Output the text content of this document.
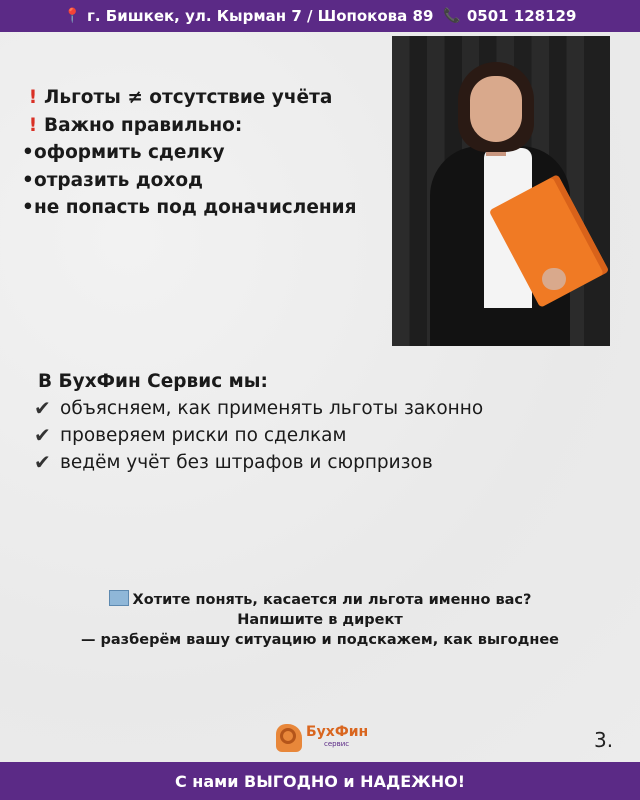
📍 г. Бишкек, ул. Кырман 7 / Шопокова 89 📞 0501 128129
! Льготы ≠ отсутствие учёта
! Важно правильно:
• оформить сделку
• отразить доход
• не попасть под доначисления
В БухФин Сервис мы:
✔ объясняем, как применять льготы законно
✔ проверяем риски по сделкам
✔ ведём учёт без штрафов и сюрпризов
Хотите понять, касается ли льгота именно вас?
Напишите в директ
— разберём вашу ситуацию и подскажем, как выгоднее
БухФин
сервис	3.
С нами ВЫГОДНО и НАДЕЖНО!
